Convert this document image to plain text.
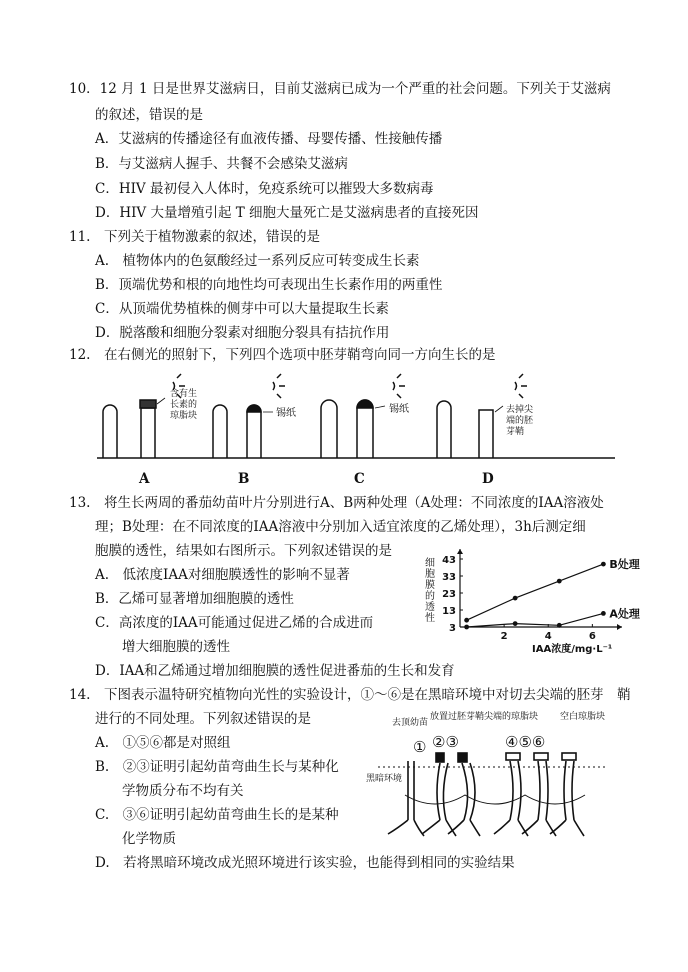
10．12 月 1 日是世界艾滋病日，目前艾滋病已成为一个严重的社会问题。下列关于艾滋病
的叙述，错误的是
A．艾滋病的传播途径有血液传播、母婴传播、性接触传播
B．与艾滋病人握手、共餐不会感染艾滋病
C．HIV 最初侵入人体时，免疫系统可以摧毁大多数病毒
D．HIV 大量增殖引起 T 细胞大量死亡是艾滋病患者的直接死因
11.　下列关于植物激素的叙述，错误的是
A.　植物体内的色氨酸经过一系列反应可转变成生长素
B．顶端优势和根的向地性均可表现出生长素作用的两重性
C．从顶端优势植株的侧芽中可以大量提取生长素
D．脱落酸和细胞分裂素对细胞分裂具有拮抗作用
12.　在右侧光的照射下，下列四个选项中胚芽鞘弯向同一方向生长的是
含有生
长素的
琼脂块	锡纸	锡纸	去掉尖
端的胚
芽鞘
A	B	C	D
13.　将生长两周的番茄幼苗叶片分别进行A、B两种处理（A处理：不同浓度的IAA溶液处
理；B处理：在不同浓度的IAA溶液中分别加入适宜浓度的乙烯处理），3h后测定细
胞膜的透性，结果如右图所示。下列叙述错误的是
A.　低浓度IAA对细胞膜透性的影响不显著
B．乙烯可显著增加细胞膜的透性
C．高浓度的IAA可能通过促进乙烯的合成进而
增大细胞膜的透性
D．IAA和乙烯通过增加细胞膜的透性促进番茄的生长和发育
3
13
23
33
43
2	4	6
B处理
A处理
细胞膜的透性
IAA浓度/mg·L⁻¹
14.　下图表示温特研究植物向光性的实验设计，①～⑥是在黑暗环境中对切去尖端的胚芽　鞘
进行的不同处理。下列叙述错误的是
A.　①⑤⑥都是对照组
B.　②③证明引起幼苗弯曲生长与某种化
学物质分布不均有关
C.　③⑥证明引起幼苗弯曲生长的是某种
化学物质
D.　若将黑暗环境改成光照环境进行该实验，也能得到相同的实验结果
去顶幼苗
放置过胚芽鞘尖端的琼脂块 空白琼脂块
黑暗环境
① ②③	④⑤⑥
